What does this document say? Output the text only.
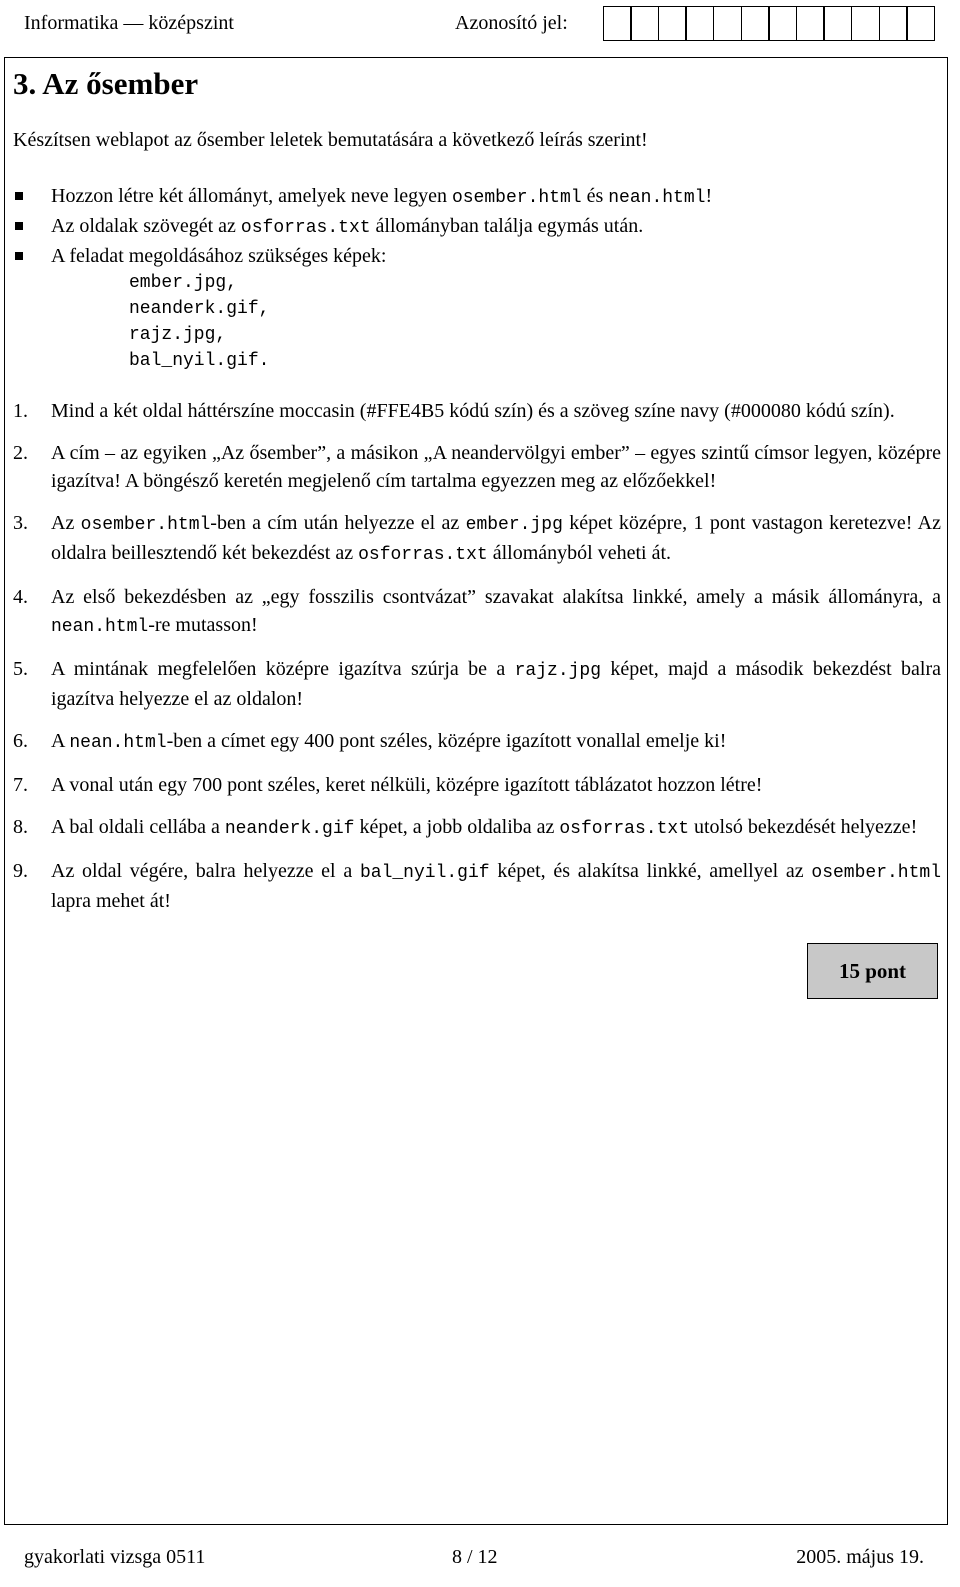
Informatika — középszint	Azonosító jel:
3. Az ősember
Készítsen weblapot az ősember leletek bemutatására a következő leírás szerint!
Hozzon létre két állományt, amelyek neve legyen osember.html és nean.html!
Az oldalak szövegét az osforras.txt állományban találja egymás után.
A feladat megoldásához szükséges képek:
ember.jpg,
neanderk.gif,
rajz.jpg,
bal_nyil.gif.
1. Mind a két oldal háttérszíne moccasin (#FFE4B5 kódú szín) és a szöveg színe navy (#000080 kódú szín).
2. A cím – az egyiken „Az ősember”, a másikon „A neandervölgyi ember” – egyes szintű címsor legyen, középre igazítva! A böngésző keretén megjelenő cím tartalma egyezzen meg az előzőekkel!
3. Az osember.html-ben a cím után helyezze el az ember.jpg képet középre, 1 pont vastagon keretezve! Az oldalra beillesztendő két bekezdést az osforras.txt állományból veheti át.
4. Az első bekezdésben az „egy fosszilis csontvázat” szavakat alakítsa linkké, amely a másik állományra, a nean.html-re mutasson!
5. A mintának megfelelően középre igazítva szúrja be a rajz.jpg képet, majd a második bekezdést balra igazítva helyezze el az oldalon!
6. A nean.html-ben a címet egy 400 pont széles, középre igazított vonallal emelje ki!
7. A vonal után egy 700 pont széles, keret nélküli, középre igazított táblázatot hozzon létre!
8. A bal oldali cellába a neanderk.gif képet, a jobb oldaliba az osforras.txt utolsó bekezdését helyezze!
9. Az oldal végére, balra helyezze el a bal_nyil.gif képet, és alakítsa linkké, amellyel az osember.html lapra mehet át!
15 pont
gyakorlati vizsga 0511	8 / 12	2005. május 19.
